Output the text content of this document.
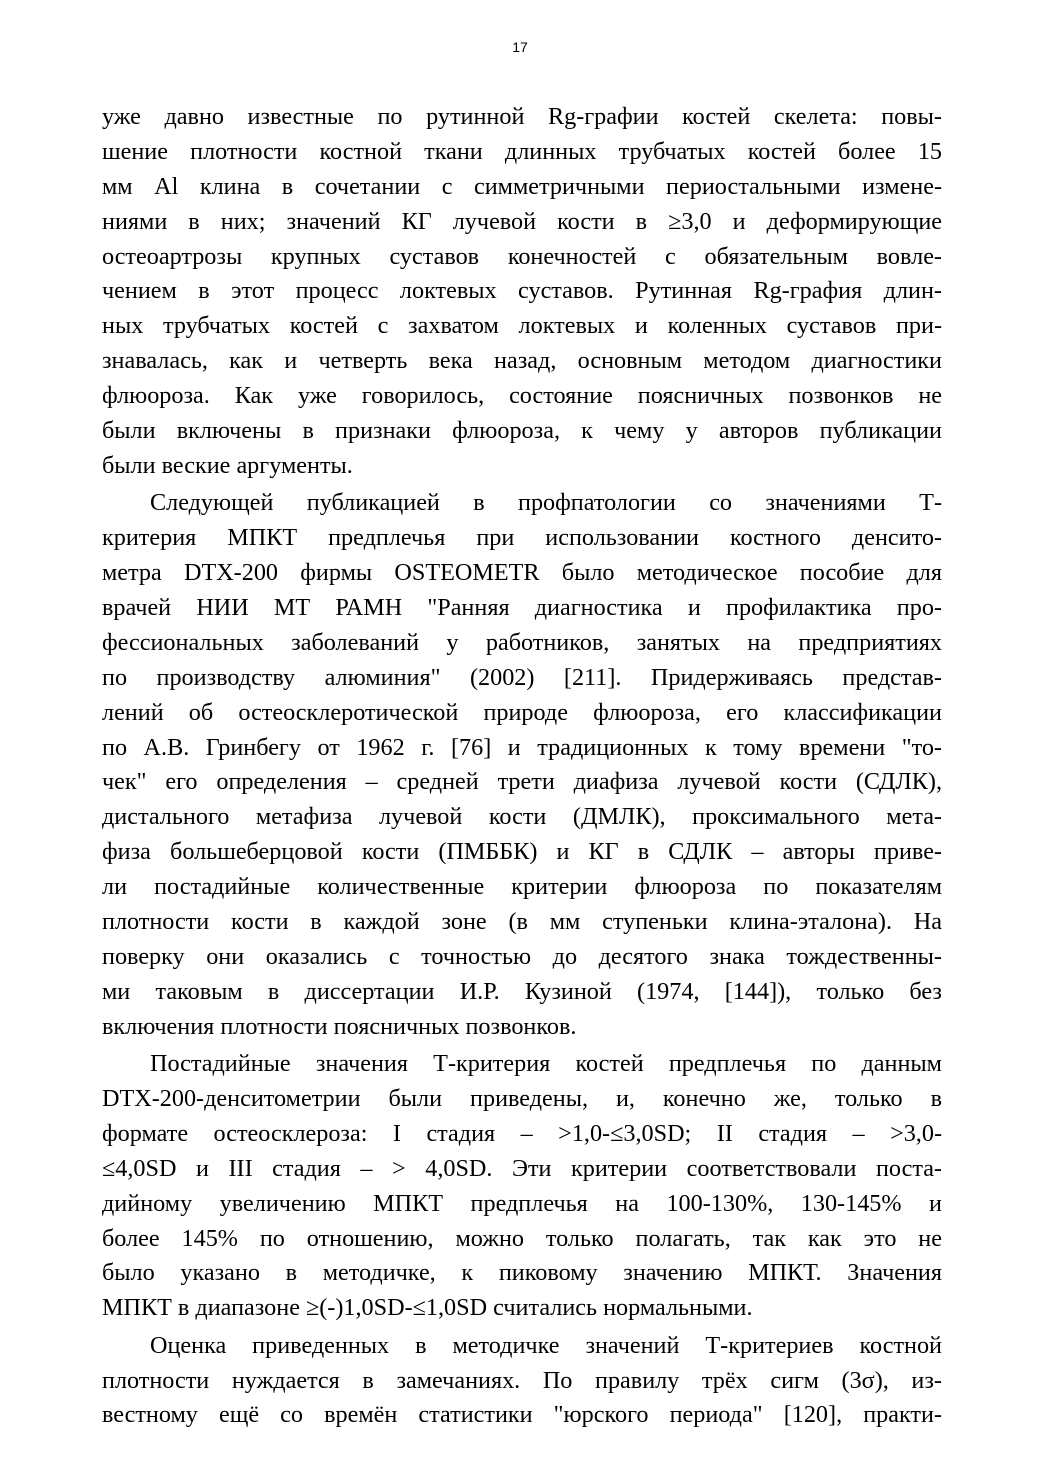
17
уже давно известные по рутинной Rg-графии костей скелета: повы-
шение плотности костной ткани длинных трубчатых костей более 15
мм Al клина в сочетании с симметричными периостальными измене-
ниями в них; значений КГ лучевой кости в ≥3,0 и деформирующие
остеоартрозы крупных суставов конечностей с обязательным вовле-
чением в этот процесс локтевых суставов. Рутинная Rg-графия длин-
ных трубчатых костей с захватом локтевых и коленных суставов при-
знавалась, как и четверть века назад, основным методом диагностики
флюороза. Как уже говорилось, состояние поясничных позвонков не
были включены в признаки флюороза, к чему у авторов публикации
были веские аргументы.
Следующей публикацией в профпатологии со значениями Т-
критерия МПКТ предплечья при использовании костного денсито-
метра DTX-200 фирмы OSTEOMETR было методическое пособие для
врачей НИИ МТ РАМН "Ранняя диагностика и профилактика про-
фессиональных заболеваний у работников, занятых на предприятиях
по производству алюминия" (2002) [211]. Придерживаясь представ-
лений об остеосклеротической природе флюороза, его классификации
по А.В. Гринбегу от 1962 г. [76] и традиционных к тому времени "то-
чек" его определения – средней трети диафиза лучевой кости (СДЛК),
дистального метафиза лучевой кости (ДМЛК), проксимального мета-
физа большеберцовой кости (ПМББК) и КГ в СДЛК – авторы приве-
ли постадийные количественные критерии флюороза по показателям
плотности кости в каждой зоне (в мм ступеньки клина-эталона). На
поверку они оказались с точностью до десятого знака тождественны-
ми таковым в диссертации И.Р. Кузиной (1974, [144]), только без
включения плотности поясничных позвонков.
Постадийные значения Т-критерия костей предплечья по данным
DTX-200-денситометрии были приведены, и, конечно же, только в
формате остеосклероза: I стадия – >1,0-≤3,0SD; II стадия – >3,0-
≤4,0SD и III стадия – > 4,0SD. Эти критерии соответствовали поста-
дийному увеличению МПКТ предплечья на 100-130%, 130-145% и
более 145% по отношению, можно только полагать, так как это не
было указано в методичке, к пиковому значению МПКТ. Значения
МПКТ в диапазоне ≥(-)1,0SD-≤1,0SD считались нормальными.
Оценка приведенных в методичке значений Т-критериев костной
плотности нуждается в замечаниях. По правилу трёх сигм (3σ), из-
вестному ещё со времён статистики "юрского периода" [120], практи-
